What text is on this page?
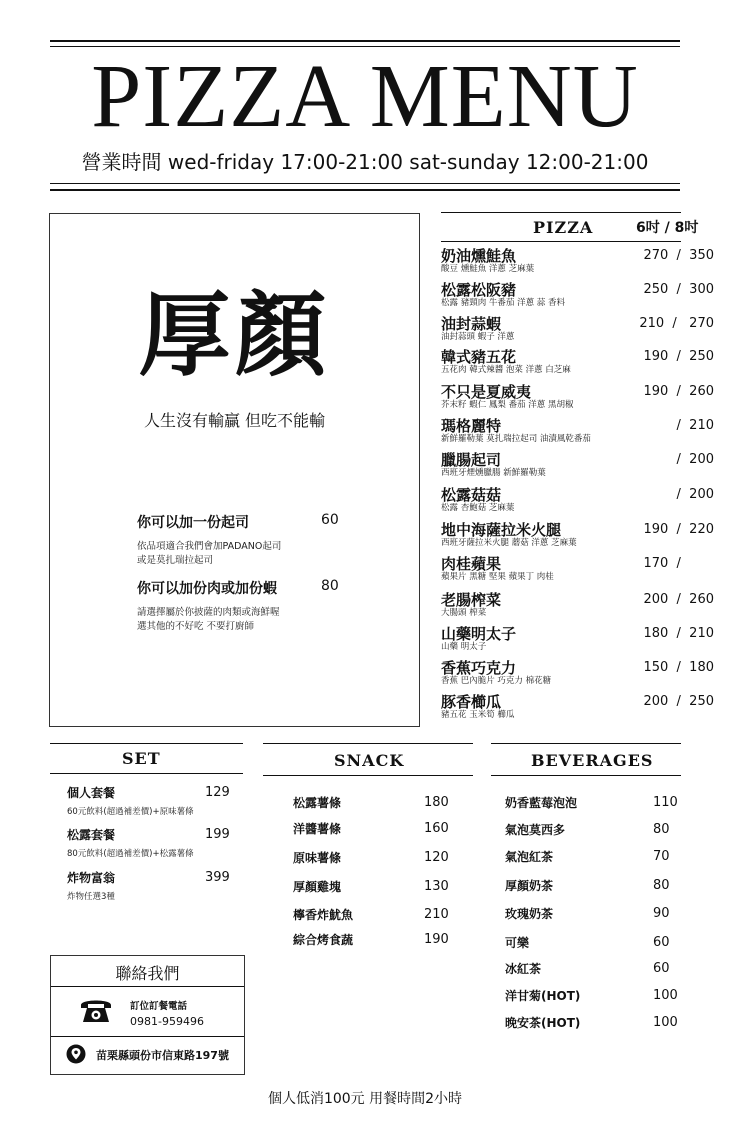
PIZZA MENU
營業時間 wed-friday 17:00-21:00 sat-sunday 12:00-21:00
厚顏
人生沒有輸贏 但吃不能輸
你可以加一份起司	60
依品項適合我們會加PADANO起司
或是莫扎瑞拉起司
你可以加份肉或加份蝦	80
請選擇屬於你披薩的肉類或海鮮喔
選其他的不好吃 不要打廚師
PIZZA	6吋 / 8吋
奶油燻鮭魚
酸豆 燻鮭魚 洋蔥 芝麻葉
270  /  350
松露松阪豬
松露 豬頸肉 牛番茄 洋蔥 蒜 香料
250  /  300
油封蒜蝦
油封蒜頭 蝦子 洋蔥
210  /   270
韓式豬五花
五花肉 韓式辣醬 泡菜 洋蔥 白芝麻
190  /  250
不只是夏威夷
芥末籽 蝦仁 鳳梨 番茄 洋蔥 黑胡椒
190  /  260
瑪格麗特
新鮮羅勒葉 莫扎瑞拉起司 油漬風乾番茄
/  210
臘腸起司
西班牙煙燻臘腸 新鮮羅勒葉
/  200
松露菇菇
松露 杏鮑菇 芝麻葉
/  200
地中海薩拉米火腿
西班牙薩拉米火腿 蘑菇 洋蔥 芝麻葉
190  /  220
肉桂蘋果
蘋果片 黑糖 堅果 蘋果丁 肉桂
170  /
老腸榨菜
大腸頭 榨菜
200  /  260
山藥明太子
山藥 明太子
180  /  210
香蕉巧克力
香蕉 巴內脆片 巧克力 棉花糖
150  /  180
豚香櫛瓜
豬五花 玉米筍 櫛瓜
200  /  250
SET
個人套餐	129
60元飲料(超過補差價)+原味薯條
松露套餐	199
80元飲料(超過補差價)+松露薯條
炸物富翁	399
炸物任選3種
SNACK
松露薯條	180
洋醬薯條	160
原味薯條	120
厚顏雞塊	130
檸香炸魷魚	210
綜合烤食蔬	190
BEVERAGES
奶香藍莓泡泡	110
氣泡莫西多	80
氣泡紅茶	70
厚顏奶茶	80
玫瑰奶茶	90
可樂	60
冰紅茶	60
洋甘菊(HOT)	100
晚安茶(HOT)	100
聯絡我們
訂位訂餐電話
0981-959496
苗栗縣頭份市信東路197號
個人低消100元 用餐時間2小時
